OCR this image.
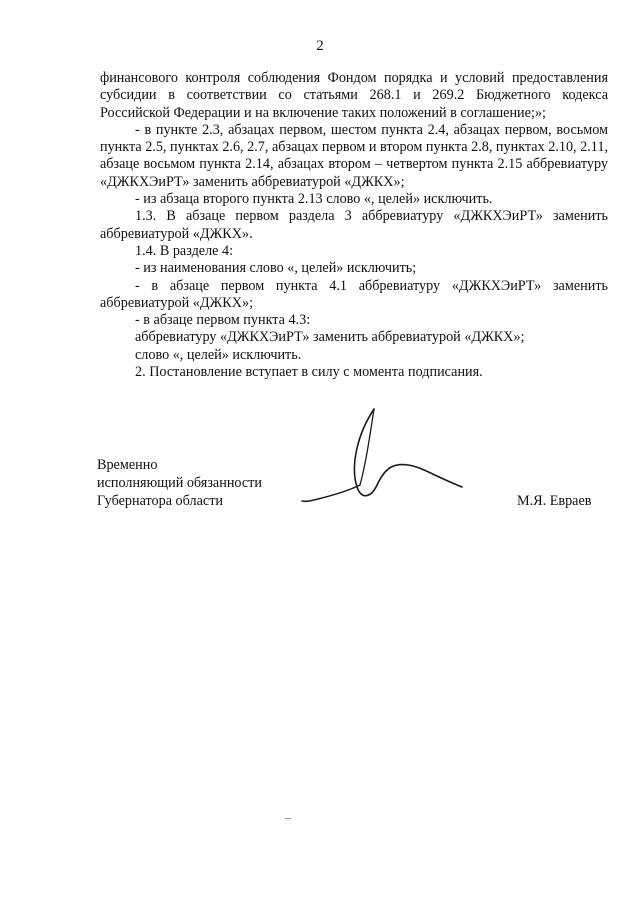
2

финансового контроля соблюдения Фондом порядка и условий предоставления субсидии в соответствии со статьями 268.1 и 269.2 Бюджетного кодекса Российской Федерации и на включение таких положений в соглашение;»;

- в пункте 2.3, абзацах первом, шестом пункта 2.4, абзацах первом, восьмом пункта 2.5, пунктах 2.6, 2.7, абзацах первом и втором пункта 2.8, пунктах 2.10, 2.11, абзаце восьмом пункта 2.14, абзацах втором – четвертом пункта 2.15 аббревиатуру «ДЖКХЭиРТ» заменить аббревиатурой «ДЖКХ»;

- из абзаца второго пункта 2.13 слово «, целей» исключить.

1.3. В абзаце первом раздела 3 аббревиатуру «ДЖКХЭиРТ» заменить аббревиатурой «ДЖКХ».

1.4. В разделе 4:

- из наименования слово «, целей» исключить;

- в абзаце первом пункта 4.1 аббревиатуру «ДЖКХЭиРТ» заменить аббревиатурой «ДЖКХ»;

- в абзаце первом пункта 4.3:

аббревиатуру «ДЖКХЭиРТ» заменить аббревиатурой «ДЖКХ»;

слово «, целей» исключить.

2. Постановление вступает в силу с момента подписания.

Временно
исполняющий обязанности
Губернатора области	М.Я. Евраев
